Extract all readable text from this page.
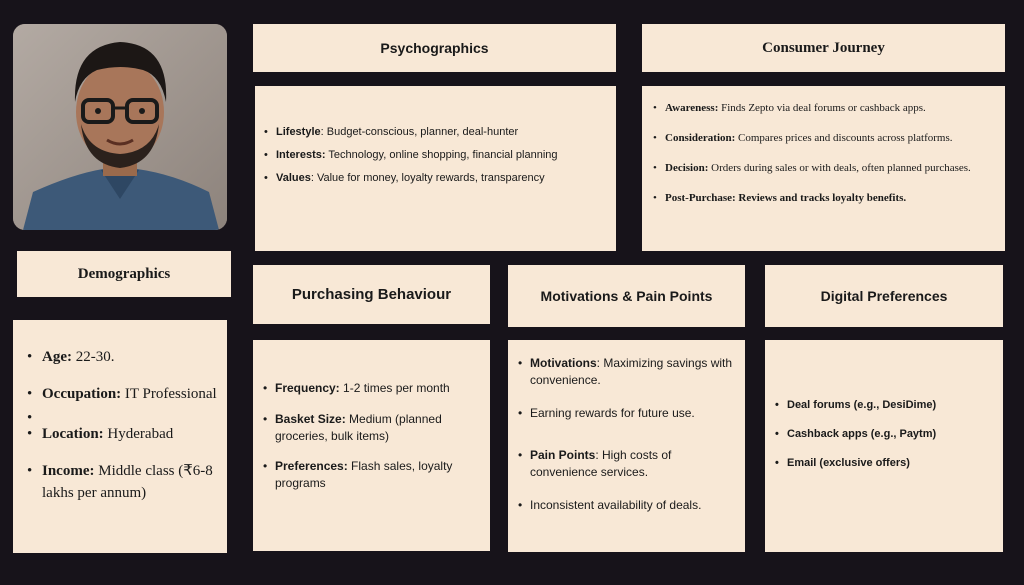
Psychographics
• Lifestyle: Budget-conscious, planner, deal-hunter
• Interests: Technology, online shopping, financial planning
• Values: Value for money, loyalty rewards, transparency
Consumer Journey
• Awareness: Finds Zepto via deal forums or cashback apps.
• Consideration: Compares prices and discounts across platforms.
• Decision: Orders during sales or with deals, often planned purchases.
• Post-Purchase: Reviews and tracks loyalty benefits.
Demographics
• Age: 22-30.
• Occupation: IT Professional
•
• Location: Hyderabad
• Income: Middle class (₹6-8 lakhs per annum)
Purchasing Behaviour
• Frequency: 1-2 times per month
• Basket Size: Medium (planned groceries, bulk items)
• Preferences: Flash sales, loyalty programs
Motivations & Pain Points
• Motivations: Maximizing savings with convenience.
• Earning rewards for future use.
• Pain Points: High costs of convenience services.
• Inconsistent availability of deals.
Digital Preferences
• Deal forums (e.g., DesiDime)
• Cashback apps (e.g., Paytm)
• Email (exclusive offers)
